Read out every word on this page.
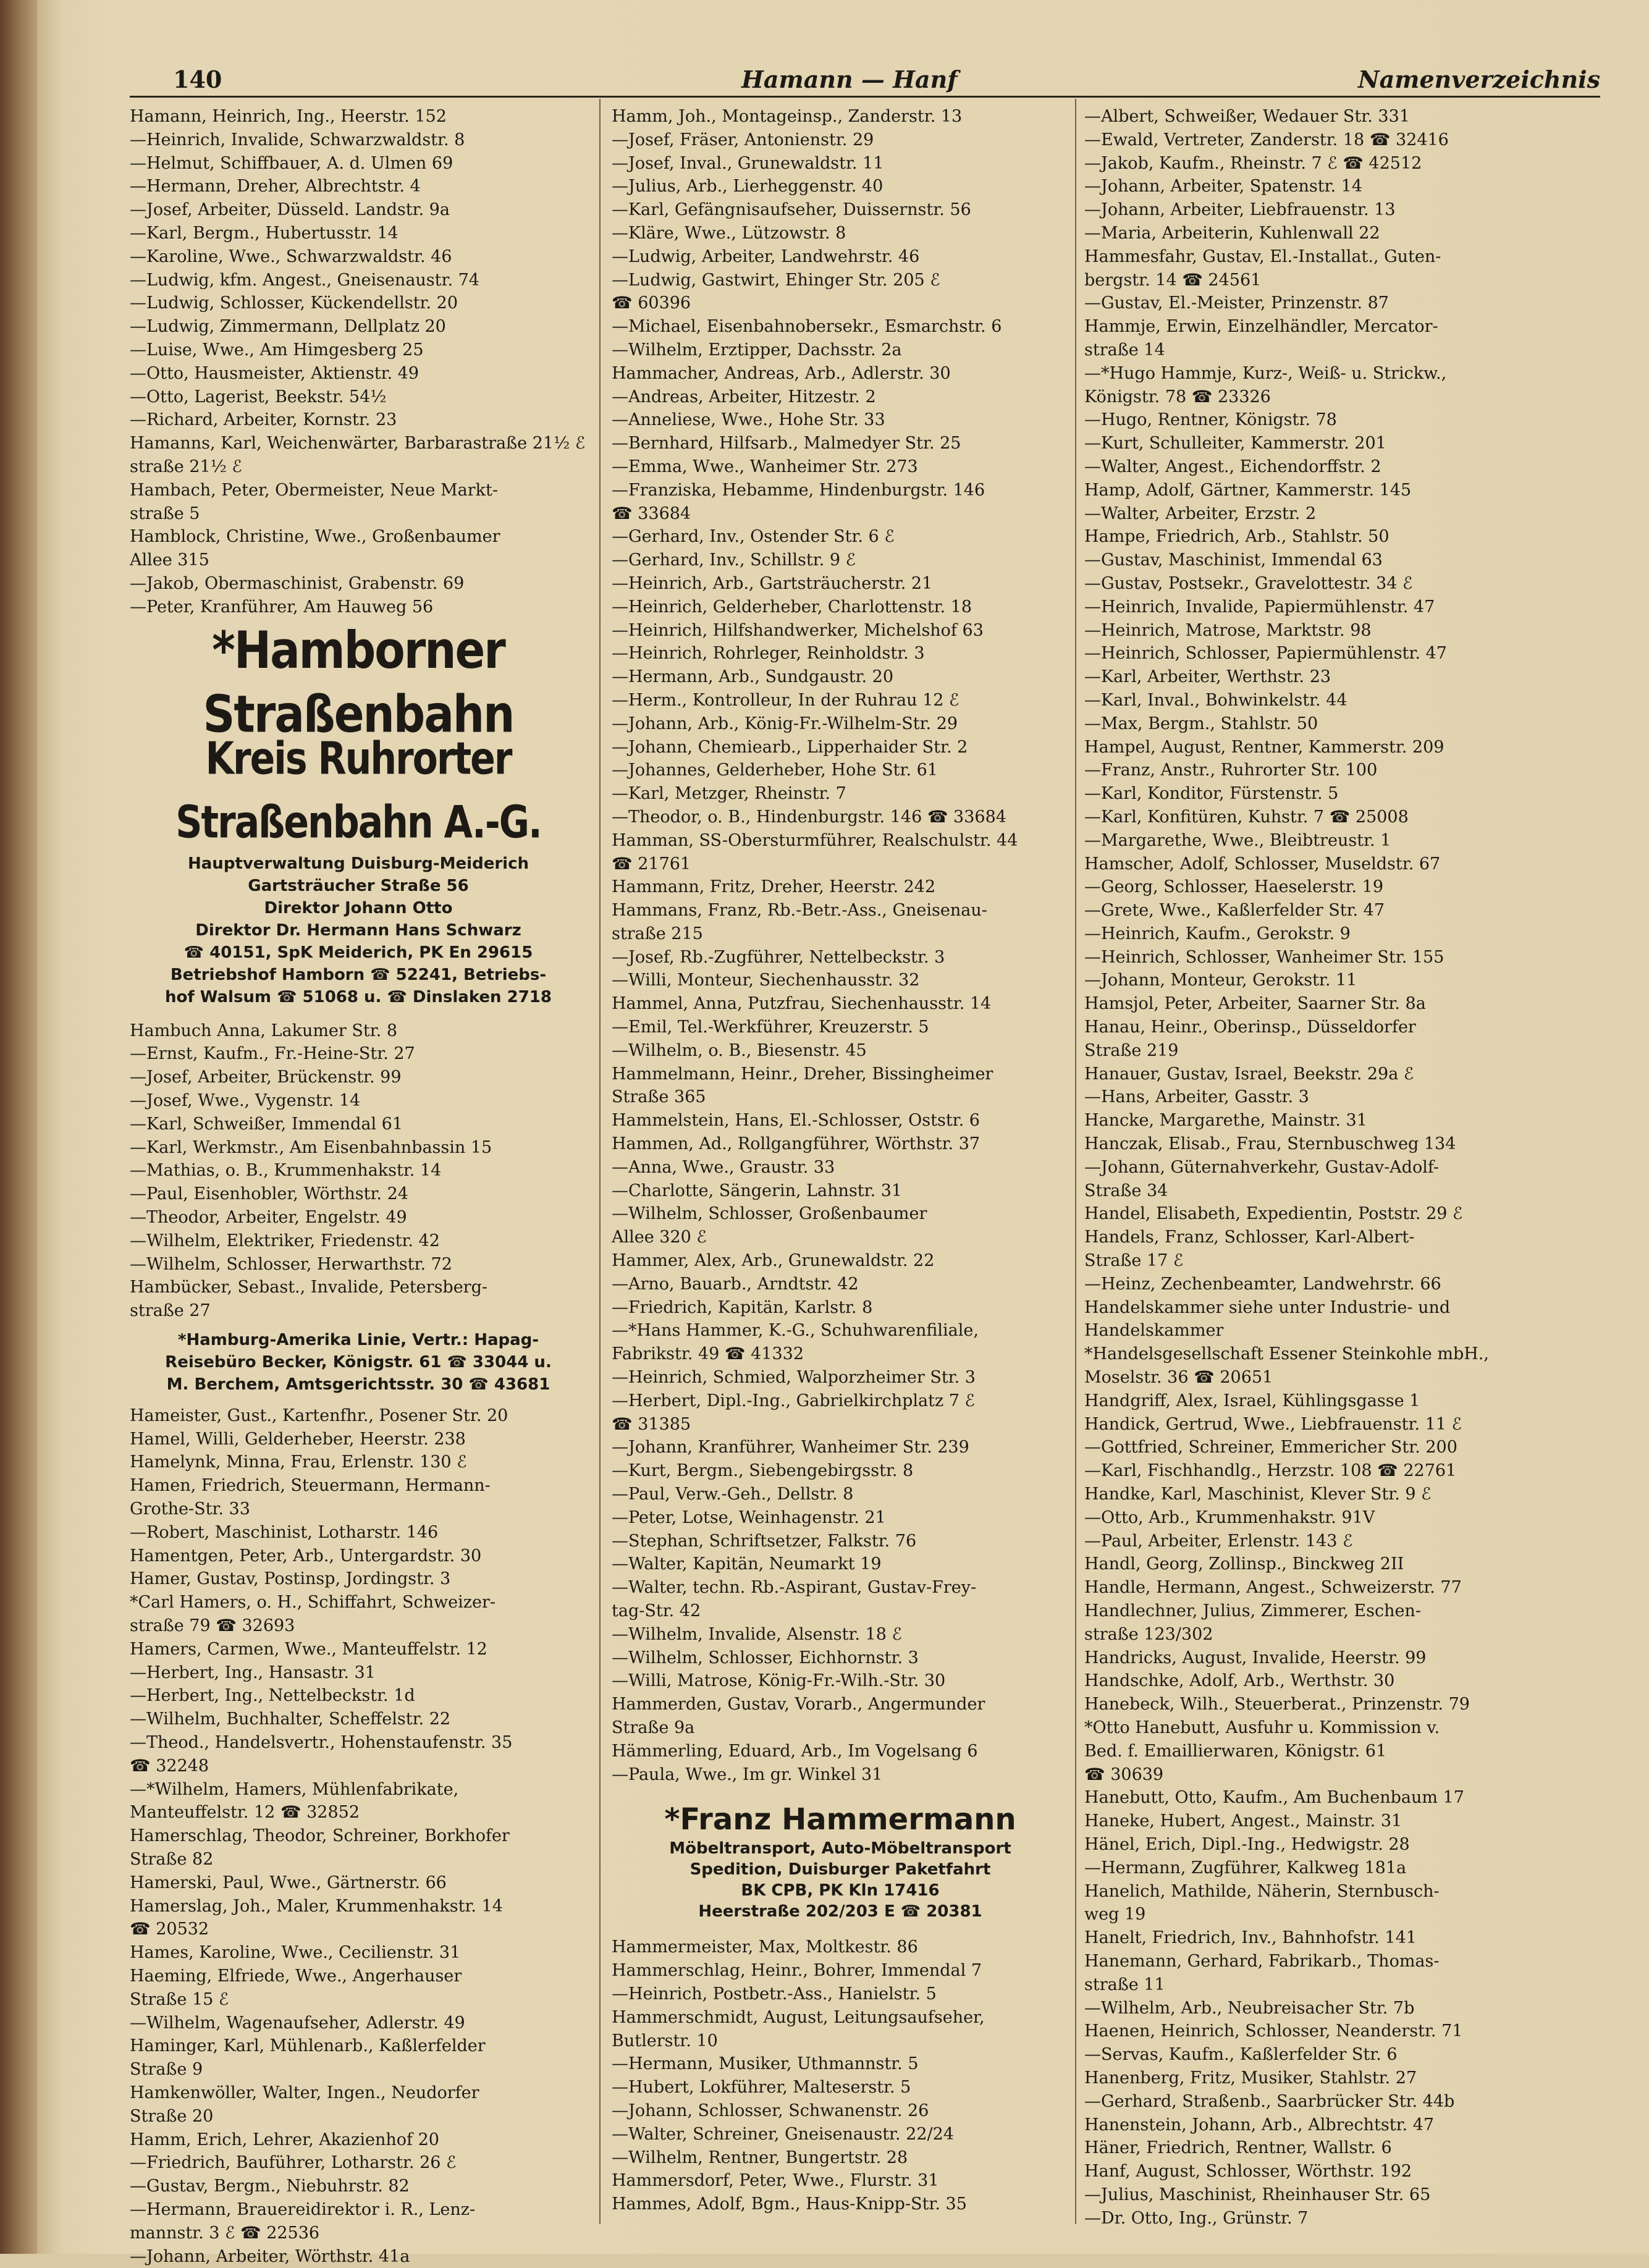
140	Hamann — Hanf	Namenverzeichnis
Hamann, Heinrich, Ing., Heerstr. 152
—Heinrich, Invalide, Schwarzwaldstr. 8
—Helmut, Schiffbauer, A. d. Ulmen 69
—Hermann, Dreher, Albrechtstr. 4
—Josef, Arbeiter, Düsseld. Landstr. 9a
—Karl, Bergm., Hubertusstr. 14
—Karoline, Wwe., Schwarzwaldstr. 46
—Ludwig, kfm. Angest., Gneisenaustr. 74
—Ludwig, Schlosser, Kückendellstr. 20
—Ludwig, Zimmermann, Dellplatz 20
—Luise, Wwe., Am Himgesberg 25
—Otto, Hausmeister, Aktienstr. 49
—Otto, Lagerist, Beekstr. 54½
—Richard, Arbeiter, Kornstr. 23
Hamanns, Karl, Weichenwärter, Barbarastraße 21½ ℰ
straße 21½ ℰ
Hambach, Peter, Obermeister, Neue Markt-
straße 5
Hamblock, Christine, Wwe., Großenbaumer
Allee 315
—Jakob, Obermaschinist, Grabenstr. 69
—Peter, Kranführer, Am Hauweg 56
*Hamborner Straßenbahn
Kreis Ruhrorter Straßenbahn A.-G.
Hauptverwaltung Duisburg-Meiderich
Gartsträucher Straße 56
Direktor Johann Otto
Direktor Dr. Hermann Hans Schwarz
☎ 40151, SpK Meiderich, PK En 29615
Betriebshof Hamborn ☎ 52241, Betriebs-
hof Walsum ☎ 51068 u. ☎ Dinslaken 2718
Hambuch Anna, Lakumer Str. 8
—Ernst, Kaufm., Fr.-Heine-Str. 27
—Josef, Arbeiter, Brückenstr. 99
—Josef, Wwe., Vygenstr. 14
—Karl, Schweißer, Immendal 61
—Karl, Werkmstr., Am Eisenbahnbassin 15
—Mathias, o. B., Krummenhakstr. 14
—Paul, Eisenhobler, Wörthstr. 24
—Theodor, Arbeiter, Engelstr. 49
—Wilhelm, Elektriker, Friedenstr. 42
—Wilhelm, Schlosser, Herwarthstr. 72
Hambücker, Sebast., Invalide, Petersberg-
straße 27
*Hamburg-Amerika Linie, Vertr.: Hapag-
Reisebüro Becker, Königstr. 61 ☎ 33044 u.
M. Berchem, Amtsgerichtsstr. 30 ☎ 43681
Hameister, Gust., Kartenfhr., Posener Str. 20
Hamel, Willi, Gelderheber, Heerstr. 238
Hamelynk, Minna, Frau, Erlenstr. 130 ℰ
Hamen, Friedrich, Steuermann, Hermann-
Grothe-Str. 33
—Robert, Maschinist, Lotharstr. 146
Hamentgen, Peter, Arb., Untergardstr. 30
Hamer, Gustav, Postinsp, Jordingstr. 3
*Carl Hamers, o. H., Schiffahrt, Schweizer-
straße 79 ☎ 32693
Hamers, Carmen, Wwe., Manteuffelstr. 12
—Herbert, Ing., Hansastr. 31
—Herbert, Ing., Nettelbeckstr. 1d
—Wilhelm, Buchhalter, Scheffelstr. 22
—Theod., Handelsvertr., Hohenstaufenstr. 35
☎ 32248
—*Wilhelm, Hamers, Mühlenfabrikate,
Manteuffelstr. 12 ☎ 32852
Hamerschlag, Theodor, Schreiner, Borkhofer
Straße 82
Hamerski, Paul, Wwe., Gärtnerstr. 66
Hamerslag, Joh., Maler, Krummenhakstr. 14
☎ 20532
Hames, Karoline, Wwe., Cecilienstr. 31
Haeming, Elfriede, Wwe., Angerhauser
Straße 15 ℰ
—Wilhelm, Wagenaufseher, Adlerstr. 49
Haminger, Karl, Mühlenarb., Kaßlerfelder
Straße 9
Hamkenwöller, Walter, Ingen., Neudorfer
Straße 20
Hamm, Erich, Lehrer, Akazienhof 20
—Friedrich, Bauführer, Lotharstr. 26 ℰ
—Gustav, Bergm., Niebuhrstr. 82
—Hermann, Brauereidirektor i. R., Lenz-
mannstr. 3 ℰ ☎ 22536
—Johann, Arbeiter, Wörthstr. 41a
Hamm, Joh., Montageinsp., Zanderstr. 13
—Josef, Fräser, Antonienstr. 29
—Josef, Inval., Grunewaldstr. 11
—Julius, Arb., Lierheggenstr. 40
—Karl, Gefängnisaufseher, Duissernstr. 56
—Kläre, Wwe., Lützowstr. 8
—Ludwig, Arbeiter, Landwehrstr. 46
—Ludwig, Gastwirt, Ehinger Str. 205 ℰ
☎ 60396
—Michael, Eisenbahnobersekr., Esmarchstr. 6
—Wilhelm, Erztipper, Dachsstr. 2a
Hammacher, Andreas, Arb., Adlerstr. 30
—Andreas, Arbeiter, Hitzestr. 2
—Anneliese, Wwe., Hohe Str. 33
—Bernhard, Hilfsarb., Malmedyer Str. 25
—Emma, Wwe., Wanheimer Str. 273
—Franziska, Hebamme, Hindenburgstr. 146
☎ 33684
—Gerhard, Inv., Ostender Str. 6 ℰ
—Gerhard, Inv., Schillstr. 9 ℰ
—Heinrich, Arb., Gartsträucherstr. 21
—Heinrich, Gelderheber, Charlottenstr. 18
—Heinrich, Hilfshandwerker, Michelshof 63
—Heinrich, Rohrleger, Reinholdstr. 3
—Hermann, Arb., Sundgaustr. 20
—Herm., Kontrolleur, In der Ruhrau 12 ℰ
—Johann, Arb., König-Fr.-Wilhelm-Str. 29
—Johann, Chemiearb., Lipperhaider Str. 2
—Johannes, Gelderheber, Hohe Str. 61
—Karl, Metzger, Rheinstr. 7
—Theodor, o. B., Hindenburgstr. 146 ☎ 33684
Hamman, SS-Obersturmführer, Realschulstr. 44
☎ 21761
Hammann, Fritz, Dreher, Heerstr. 242
Hammans, Franz, Rb.-Betr.-Ass., Gneisenau-
straße 215
—Josef, Rb.-Zugführer, Nettelbeckstr. 3
—Willi, Monteur, Siechenhausstr. 32
Hammel, Anna, Putzfrau, Siechenhausstr. 14
—Emil, Tel.-Werkführer, Kreuzerstr. 5
—Wilhelm, o. B., Biesenstr. 45
Hammelmann, Heinr., Dreher, Bissingheimer
Straße 365
Hammelstein, Hans, El.-Schlosser, Oststr. 6
Hammen, Ad., Rollgangführer, Wörthstr. 37
—Anna, Wwe., Graustr. 33
—Charlotte, Sängerin, Lahnstr. 31
—Wilhelm, Schlosser, Großenbaumer
Allee 320 ℰ
Hammer, Alex, Arb., Grunewaldstr. 22
—Arno, Bauarb., Arndtstr. 42
—Friedrich, Kapitän, Karlstr. 8
—*Hans Hammer, K.-G., Schuhwarenfiliale,
Fabrikstr. 49 ☎ 41332
—Heinrich, Schmied, Walporzheimer Str. 3
—Herbert, Dipl.-Ing., Gabrielkirchplatz 7 ℰ
☎ 31385
—Johann, Kranführer, Wanheimer Str. 239
—Kurt, Bergm., Siebengebirgsstr. 8
—Paul, Verw.-Geh., Dellstr. 8
—Peter, Lotse, Weinhagenstr. 21
—Stephan, Schriftsetzer, Falkstr. 76
—Walter, Kapitän, Neumarkt 19
—Walter, techn. Rb.-Aspirant, Gustav-Frey-
tag-Str. 42
—Wilhelm, Invalide, Alsenstr. 18 ℰ
—Wilhelm, Schlosser, Eichhornstr. 3
—Willi, Matrose, König-Fr.-Wilh.-Str. 30
Hammerden, Gustav, Vorarb., Angermunder
Straße 9a
Hämmerling, Eduard, Arb., Im Vogelsang 6
—Paula, Wwe., Im gr. Winkel 31
*Franz Hammermann
Möbeltransport, Auto-Möbeltransport
Spedition, Duisburger Paketfahrt
BK CPB, PK Kln 17416
Heerstraße 202/203 E ☎ 20381
Hammermeister, Max, Moltkestr. 86
Hammerschlag, Heinr., Bohrer, Immendal 7
—Heinrich, Postbetr.-Ass., Hanielstr. 5
Hammerschmidt, August, Leitungsaufseher,
Butlerstr. 10
—Hermann, Musiker, Uthmannstr. 5
—Hubert, Lokführer, Malteserstr. 5
—Johann, Schlosser, Schwanenstr. 26
—Walter, Schreiner, Gneisenaustr. 22/24
—Wilhelm, Rentner, Bungertstr. 28
Hammersdorf, Peter, Wwe., Flurstr. 31
Hammes, Adolf, Bgm., Haus-Knipp-Str. 35
—Albert, Schweißer, Wedauer Str. 331
—Ewald, Vertreter, Zanderstr. 18 ☎ 32416
—Jakob, Kaufm., Rheinstr. 7 ℰ ☎ 42512
—Johann, Arbeiter, Spatenstr. 14
—Johann, Arbeiter, Liebfrauenstr. 13
—Maria, Arbeiterin, Kuhlenwall 22
Hammesfahr, Gustav, El.-Installat., Guten-
bergstr. 14 ☎ 24561
—Gustav, El.-Meister, Prinzenstr. 87
Hammje, Erwin, Einzelhändler, Mercator-
straße 14
—*Hugo Hammje, Kurz-, Weiß- u. Strickw.,
Königstr. 78 ☎ 23326
—Hugo, Rentner, Königstr. 78
—Kurt, Schulleiter, Kammerstr. 201
—Walter, Angest., Eichendorffstr. 2
Hamp, Adolf, Gärtner, Kammerstr. 145
—Walter, Arbeiter, Erzstr. 2
Hampe, Friedrich, Arb., Stahlstr. 50
—Gustav, Maschinist, Immendal 63
—Gustav, Postsekr., Gravelottestr. 34 ℰ
—Heinrich, Invalide, Papiermühlenstr. 47
—Heinrich, Matrose, Marktstr. 98
—Heinrich, Schlosser, Papiermühlenstr. 47
—Karl, Arbeiter, Werthstr. 23
—Karl, Inval., Bohwinkelstr. 44
—Max, Bergm., Stahlstr. 50
Hampel, August, Rentner, Kammerstr. 209
—Franz, Anstr., Ruhrorter Str. 100
—Karl, Konditor, Fürstenstr. 5
—Karl, Konfitüren, Kuhstr. 7 ☎ 25008
—Margarethe, Wwe., Bleibtreustr. 1
Hamscher, Adolf, Schlosser, Museldstr. 67
—Georg, Schlosser, Haeselerstr. 19
—Grete, Wwe., Kaßlerfelder Str. 47
—Heinrich, Kaufm., Gerokstr. 9
—Heinrich, Schlosser, Wanheimer Str. 155
—Johann, Monteur, Gerokstr. 11
Hamsjol, Peter, Arbeiter, Saarner Str. 8a
Hanau, Heinr., Oberinsp., Düsseldorfer
Straße 219
Hanauer, Gustav, Israel, Beekstr. 29a ℰ
—Hans, Arbeiter, Gasstr. 3
Hancke, Margarethe, Mainstr. 31
Hanczak, Elisab., Frau, Sternbuschweg 134
—Johann, Güternahverkehr, Gustav-Adolf-
Straße 34
Handel, Elisabeth, Expedientin, Poststr. 29 ℰ
Handels, Franz, Schlosser, Karl-Albert-
Straße 17 ℰ
—Heinz, Zechenbeamter, Landwehrstr. 66
Handelskammer siehe unter Industrie- und
Handelskammer
*Handelsgesellschaft Essener Steinkohle mbH.,
Moselstr. 36 ☎ 20651
Handgriff, Alex, Israel, Kühlingsgasse 1
Handick, Gertrud, Wwe., Liebfrauenstr. 11 ℰ
—Gottfried, Schreiner, Emmericher Str. 200
—Karl, Fischhandlg., Herzstr. 108 ☎ 22761
Handke, Karl, Maschinist, Klever Str. 9 ℰ
—Otto, Arb., Krummenhakstr. 91V
—Paul, Arbeiter, Erlenstr. 143 ℰ
Handl, Georg, Zollinsp., Binckweg 2II
Handle, Hermann, Angest., Schweizerstr. 77
Handlechner, Julius, Zimmerer, Eschen-
straße 123/302
Handricks, August, Invalide, Heerstr. 99
Handschke, Adolf, Arb., Werthstr. 30
Hanebeck, Wilh., Steuerberat., Prinzenstr. 79
*Otto Hanebutt, Ausfuhr u. Kommission v.
Bed. f. Emaillierwaren, Königstr. 61
☎ 30639
Hanebutt, Otto, Kaufm., Am Buchenbaum 17
Haneke, Hubert, Angest., Mainstr. 31
Hänel, Erich, Dipl.-Ing., Hedwigstr. 28
—Hermann, Zugführer, Kalkweg 181a
Hanelich, Mathilde, Näherin, Sternbusch-
weg 19
Hanelt, Friedrich, Inv., Bahnhofstr. 141
Hanemann, Gerhard, Fabrikarb., Thomas-
straße 11
—Wilhelm, Arb., Neubreisacher Str. 7b
Haenen, Heinrich, Schlosser, Neanderstr. 71
—Servas, Kaufm., Kaßlerfelder Str. 6
Hanenberg, Fritz, Musiker, Stahlstr. 27
—Gerhard, Straßenb., Saarbrücker Str. 44b
Hanenstein, Johann, Arb., Albrechtstr. 47
Häner, Friedrich, Rentner, Wallstr. 6
Hanf, August, Schlosser, Wörthstr. 192
—Julius, Maschinist, Rheinhauser Str. 65
—Dr. Otto, Ing., Grünstr. 7
